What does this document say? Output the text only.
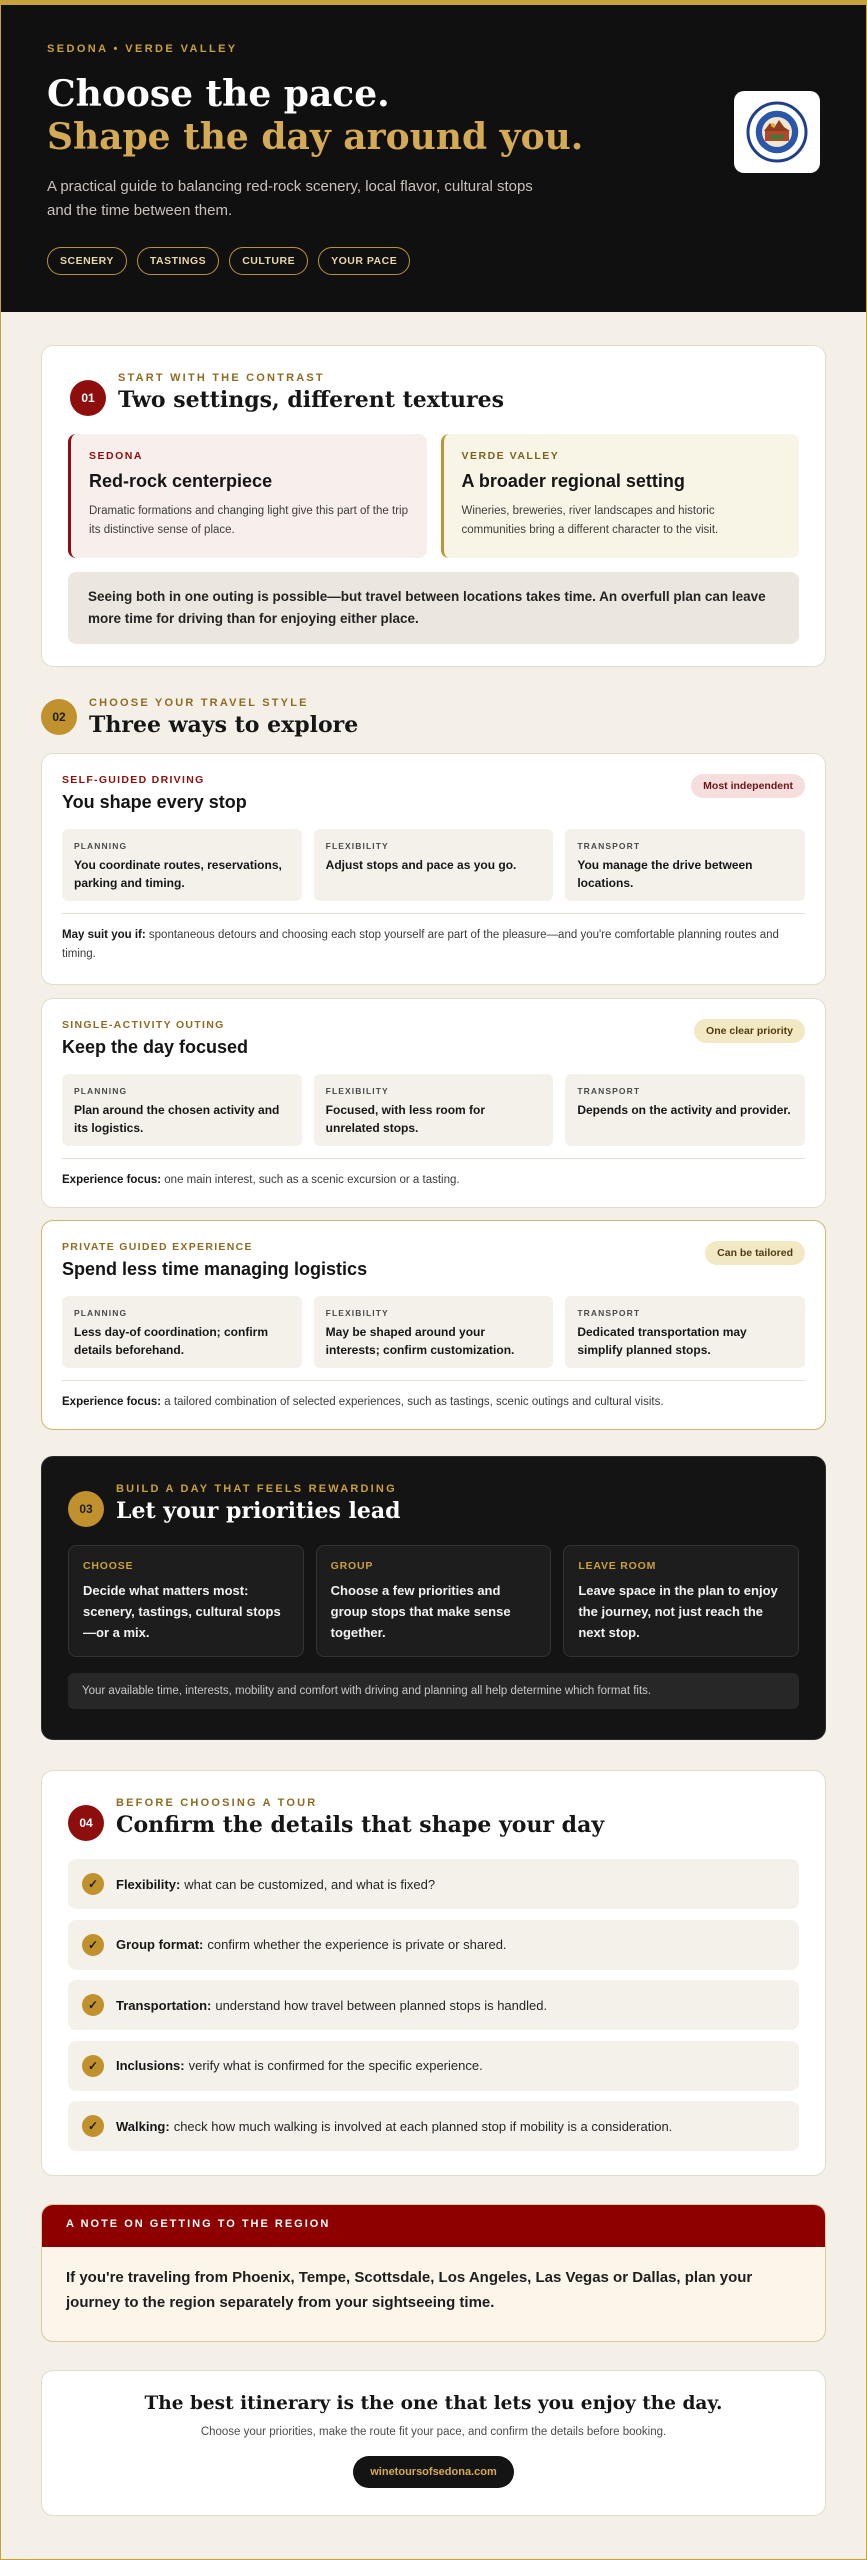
SEDONA • VERDE VALLEY
Choose the pace.
Shape the day around you.

A practical guide to balancing red-rock scenery, local flavor, cultural stops and the time between them.

SCENERY	TASTINGS	CULTURE	YOUR PACE
01
START WITH THE CONTRAST
Two settings, different textures
SEDONA
Red-rock centerpiece

Dramatic formations and changing light give this part of the trip its distinctive sense of place.

VERDE VALLEY
A broader regional setting

Wineries, breweries, river landscapes and historic communities bring a different character to the visit.

Seeing both in one outing is possible—but travel between locations takes time. An overfull plan can leave more time for driving than for enjoying either place.
02
CHOOSE YOUR TRAVEL STYLE
Three ways to explore
SELF-GUIDED DRIVING
You shape every stop
Most independent
PLANNING
You coordinate routes, reservations, parking and timing.
FLEXIBILITY
Adjust stops and pace as you go.
TRANSPORT
You manage the drive between locations.
May suit you if: spontaneous detours and choosing each stop yourself are part of the pleasure—and you're comfortable planning routes and timing.
SINGLE-ACTIVITY OUTING
Keep the day focused
One clear priority
PLANNING
Plan around the chosen activity and its logistics.
FLEXIBILITY
Focused, with less room for unrelated stops.
TRANSPORT
Depends on the activity and provider.
Experience focus: one main interest, such as a scenic excursion or a tasting.
PRIVATE GUIDED EXPERIENCE
Spend less time managing logistics
Can be tailored
PLANNING
Less day-of coordination; confirm details beforehand.
FLEXIBILITY
May be shaped around your interests; confirm customization.
TRANSPORT
Dedicated transportation may simplify planned stops.
Experience focus: a tailored combination of selected experiences, such as tastings, scenic outings and cultural visits.
03
BUILD A DAY THAT FEELS REWARDING
Let your priorities lead
CHOOSE
Decide what matters most: scenery, tastings, cultural stops—or a mix.
GROUP
Choose a few priorities and group stops that make sense together.
LEAVE ROOM
Leave space in the plan to enjoy the journey, not just reach the next stop.
Your available time, interests, mobility and comfort with driving and planning all help determine which format fits.
04
BEFORE CHOOSING A TOUR
Confirm the details that shape your day
✓	Flexibility: what can be customized, and what is fixed?
✓	Group format: confirm whether the experience is private or shared.
✓	Transportation: understand how travel between planned stops is handled.
✓	Inclusions: verify what is confirmed for the specific experience.
✓	Walking: check how much walking is involved at each planned stop if mobility is a consideration.
A NOTE ON GETTING TO THE REGION
If you're traveling from Phoenix, Tempe, Scottsdale, Los Angeles, Las Vegas or Dallas, plan your journey to the region separately from your sightseeing time.
The best itinerary is the one that lets you enjoy the day.

Choose your priorities, make the route fit your pace, and confirm the details before booking.

winetoursofsedona.com
